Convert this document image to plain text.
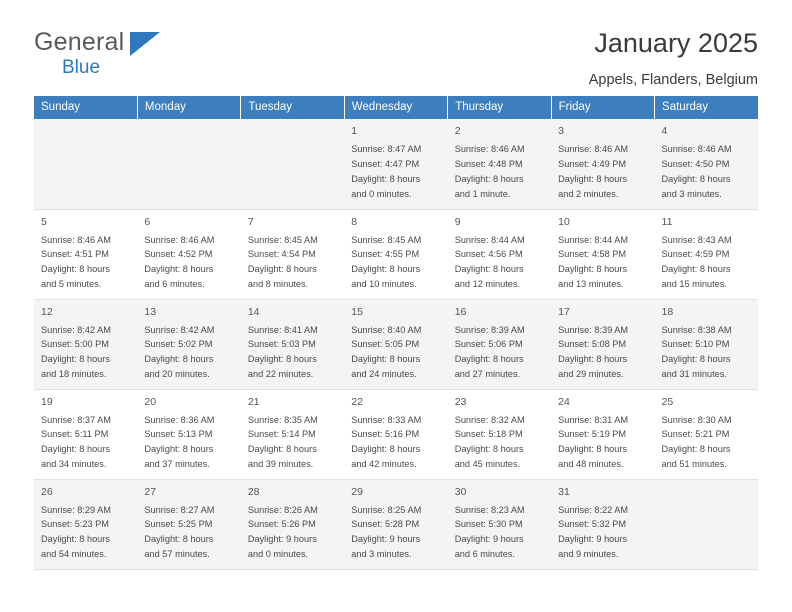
General
Blue
January 2025
Appels, Flanders, Belgium
Sunday	Monday	Tuesday	Wednesday	Thursday	Friday	Saturday

			1
Sunrise: 8:47 AM
Sunset: 4:47 PM
Daylight: 8 hours
and 0 minutes.	2
Sunrise: 8:46 AM
Sunset: 4:48 PM
Daylight: 8 hours
and 1 minute.	3
Sunrise: 8:46 AM
Sunset: 4:49 PM
Daylight: 8 hours
and 2 minutes.	4
Sunrise: 8:46 AM
Sunset: 4:50 PM
Daylight: 8 hours
and 3 minutes.

5
Sunrise: 8:46 AM
Sunset: 4:51 PM
Daylight: 8 hours
and 5 minutes.	6
Sunrise: 8:46 AM
Sunset: 4:52 PM
Daylight: 8 hours
and 6 minutes.	7
Sunrise: 8:45 AM
Sunset: 4:54 PM
Daylight: 8 hours
and 8 minutes.	8
Sunrise: 8:45 AM
Sunset: 4:55 PM
Daylight: 8 hours
and 10 minutes.	9
Sunrise: 8:44 AM
Sunset: 4:56 PM
Daylight: 8 hours
and 12 minutes.	10
Sunrise: 8:44 AM
Sunset: 4:58 PM
Daylight: 8 hours
and 13 minutes.	11
Sunrise: 8:43 AM
Sunset: 4:59 PM
Daylight: 8 hours
and 15 minutes.

12
Sunrise: 8:42 AM
Sunset: 5:00 PM
Daylight: 8 hours
and 18 minutes.	13
Sunrise: 8:42 AM
Sunset: 5:02 PM
Daylight: 8 hours
and 20 minutes.	14
Sunrise: 8:41 AM
Sunset: 5:03 PM
Daylight: 8 hours
and 22 minutes.	15
Sunrise: 8:40 AM
Sunset: 5:05 PM
Daylight: 8 hours
and 24 minutes.	16
Sunrise: 8:39 AM
Sunset: 5:06 PM
Daylight: 8 hours
and 27 minutes.	17
Sunrise: 8:39 AM
Sunset: 5:08 PM
Daylight: 8 hours
and 29 minutes.	18
Sunrise: 8:38 AM
Sunset: 5:10 PM
Daylight: 8 hours
and 31 minutes.

19
Sunrise: 8:37 AM
Sunset: 5:11 PM
Daylight: 8 hours
and 34 minutes.	20
Sunrise: 8:36 AM
Sunset: 5:13 PM
Daylight: 8 hours
and 37 minutes.	21
Sunrise: 8:35 AM
Sunset: 5:14 PM
Daylight: 8 hours
and 39 minutes.	22
Sunrise: 8:33 AM
Sunset: 5:16 PM
Daylight: 8 hours
and 42 minutes.	23
Sunrise: 8:32 AM
Sunset: 5:18 PM
Daylight: 8 hours
and 45 minutes.	24
Sunrise: 8:31 AM
Sunset: 5:19 PM
Daylight: 8 hours
and 48 minutes.	25
Sunrise: 8:30 AM
Sunset: 5:21 PM
Daylight: 8 hours
and 51 minutes.

26
Sunrise: 8:29 AM
Sunset: 5:23 PM
Daylight: 8 hours
and 54 minutes.	27
Sunrise: 8:27 AM
Sunset: 5:25 PM
Daylight: 8 hours
and 57 minutes.	28
Sunrise: 8:26 AM
Sunset: 5:26 PM
Daylight: 9 hours
and 0 minutes.	29
Sunrise: 8:25 AM
Sunset: 5:28 PM
Daylight: 9 hours
and 3 minutes.	30
Sunrise: 8:23 AM
Sunset: 5:30 PM
Daylight: 9 hours
and 6 minutes.	31
Sunrise: 8:22 AM
Sunset: 5:32 PM
Daylight: 9 hours
and 9 minutes.	
